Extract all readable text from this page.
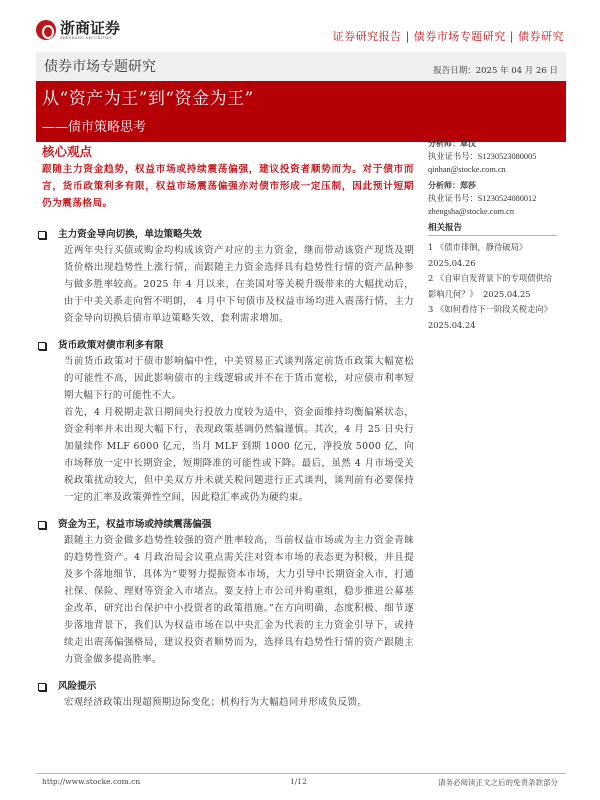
浙商证券
ZHESHANG SECURITIES	证券研究报告 | 债券市场专题研究 | 债券研究
债券市场专题研究	报告日期：2025 年 04 月 26 日
从“资产为王”到“资金为王”
——债市策略思考
核心观点
跟随主力资金趋势，权益市场或持续震荡偏强，建议投资者顺势而为。对于债市而言，货币政策利多有限，权益市场震荡偏强亦对债市形成一定压制，因此预计短期仍为震荡格局。
主力资金导向切换，单边策略失效
近两年央行买债或购金均构成该资产对应的主力资金，继而带动该资产现货及期货价格出现趋势性上涨行情，而跟随主力资金选择具有趋势性行情的资产品种参与做多胜率较高。2025 年 4 月以来，在美国对等关税升级带来的大幅扰动后，由于中美关系走向暂不明朗， 4 月中下旬债市及权益市场均进入震荡行情，主力资金导向切换后债市单边策略失效，套利需求增加。
货币政策对债市利多有限
当前货币政策对于债市影响偏中性，中美贸易正式谈判落定前货币政策大幅宽松的可能性不高，因此影响债市的主线逻辑或并不在于货币宽松，对应债市利率短期大幅下行的可能性不大。
首先，4 月税期走款日期间央行投放力度较为适中，资金面维持均衡偏紧状态，资金利率并未出现大幅下行，表现政策基调仍然偏谨慎。其次，4 月 25 日央行加量续作 MLF 6000 亿元，当月 MLF 到期 1000 亿元，净投放 5000 亿，向市场释放一定中长期资金，短期降准的可能性或下降。最后，虽然 4 月市场受关税政策扰动较大，但中美双方并未就关税问题进行正式谈判，谈判前有必要保持一定的汇率及政策弹性空间，因此稳汇率或仍为硬约束。
资金为王，权益市场或持续震荡偏强
跟随主力资金做多趋势性较强的资产胜率较高，当前权益市场或为主力资金青睐的趋势性资产。4 月政治局会议重点需关注对资本市场的表态更为积极，并且提及多个落地细节，具体为“要努力提振资本市场，大力引导中长期资金入市，打通社保、保险、理财等资金入市堵点。要支持上市公司并购重组，稳步推进公募基金改革，研究出台保护中小投资者的政策措施。”在方向明确、态度积极、细节逐步落地背景下，我们认为权益市场在以中央汇金为代表的主力资金引导下，或持续走出震荡偏强格局，建议投资者顺势而为，选择具有趋势性行情的资产跟随主力资金做多提高胜率。
风险提示
宏观经济政策出现超预期边际变化；机构行为大幅趋同并形成负反馈。
分析师：覃汉
执业证书号：S1230523080005
qinhan@stocke.com.cn
分析师：郑莎
执业证书号：S1230524080012
zhengsha@stocke.com.cn
相关报告
1 《债市徘徊，静待破局》
2025.04.26
2 《自审自发背景下的专项债供给影响几何？》 2025.04.25
3 《如何看待下一阶段关税走向》  2025.04.24
http://www.stocke.com.cn	1/12	请务必阅读正文之后的免责条款部分
